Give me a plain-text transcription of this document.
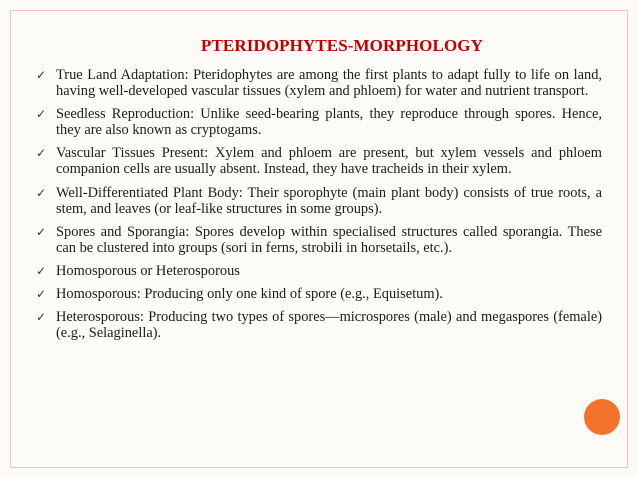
PTERIDOPHYTES-MORPHOLOGY
✓ True Land Adaptation: Pteridophytes are among the first plants to adapt fully to life on land, having well-developed vascular tissues (xylem and phloem) for water and nutrient transport.
✓ Seedless Reproduction: Unlike seed-bearing plants, they reproduce through spores. Hence, they are also known as cryptogams.
✓ Vascular Tissues Present: Xylem and phloem are present, but xylem vessels and phloem companion cells are usually absent. Instead, they have tracheids in their xylem.
✓ Well-Differentiated Plant Body: Their sporophyte (main plant body) consists of true roots, a stem, and leaves (or leaf-like structures in some groups).
✓ Spores and Sporangia: Spores develop within specialised structures called sporangia. These can be clustered into groups (sori in ferns, strobili in horsetails, etc.).
✓ Homosporous or Heterosporous
✓ Homosporous: Producing only one kind of spore (e.g., Equisetum).
✓ Heterosporous: Producing two types of spores—microspores (male) and megaspores (female) (e.g., Selaginella).
